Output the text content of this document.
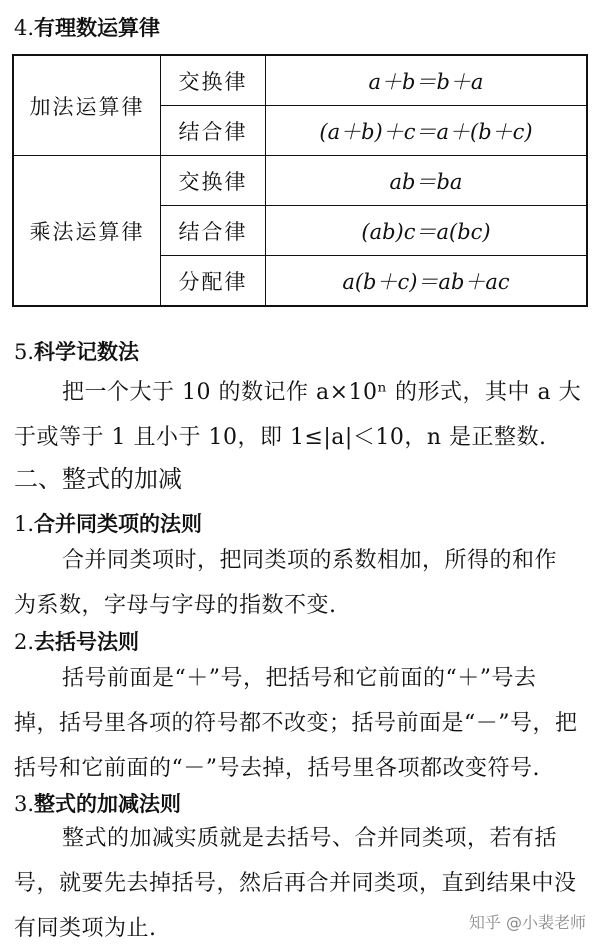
4.有理数运算律
加法运算律	交换律	a＋b＝b＋a
	结合律	(a＋b)＋c＝a＋(b＋c)
乘法运算律	交换律	ab＝ba
	结合律	(ab)c＝a(bc)
	分配律	a(b＋c)＝ab＋ac
5.科学记数法

把一个大于 10 的数记作 a×10ⁿ 的形式，其中 a 大
于或等于 1 且小于 10，即 1≤|a|＜10，n 是正整数.

二、整式的加减
1.合并同类项的法则

合并同类项时，把同类项的系数相加，所得的和作
为系数，字母与字母的指数不变.

2.去括号法则

括号前面是“＋”号，把括号和它前面的“＋”号去
掉，括号里各项的符号都不改变；括号前面是“－”号，把
括号和它前面的“－”号去掉，括号里各项都改变符号.

3.整式的加减法则

整式的加减实质就是去括号、合并同类项，若有括
号，就要先去掉括号，然后再合并同类项，直到结果中没
有同类项为止.	知乎 @小裴老师
